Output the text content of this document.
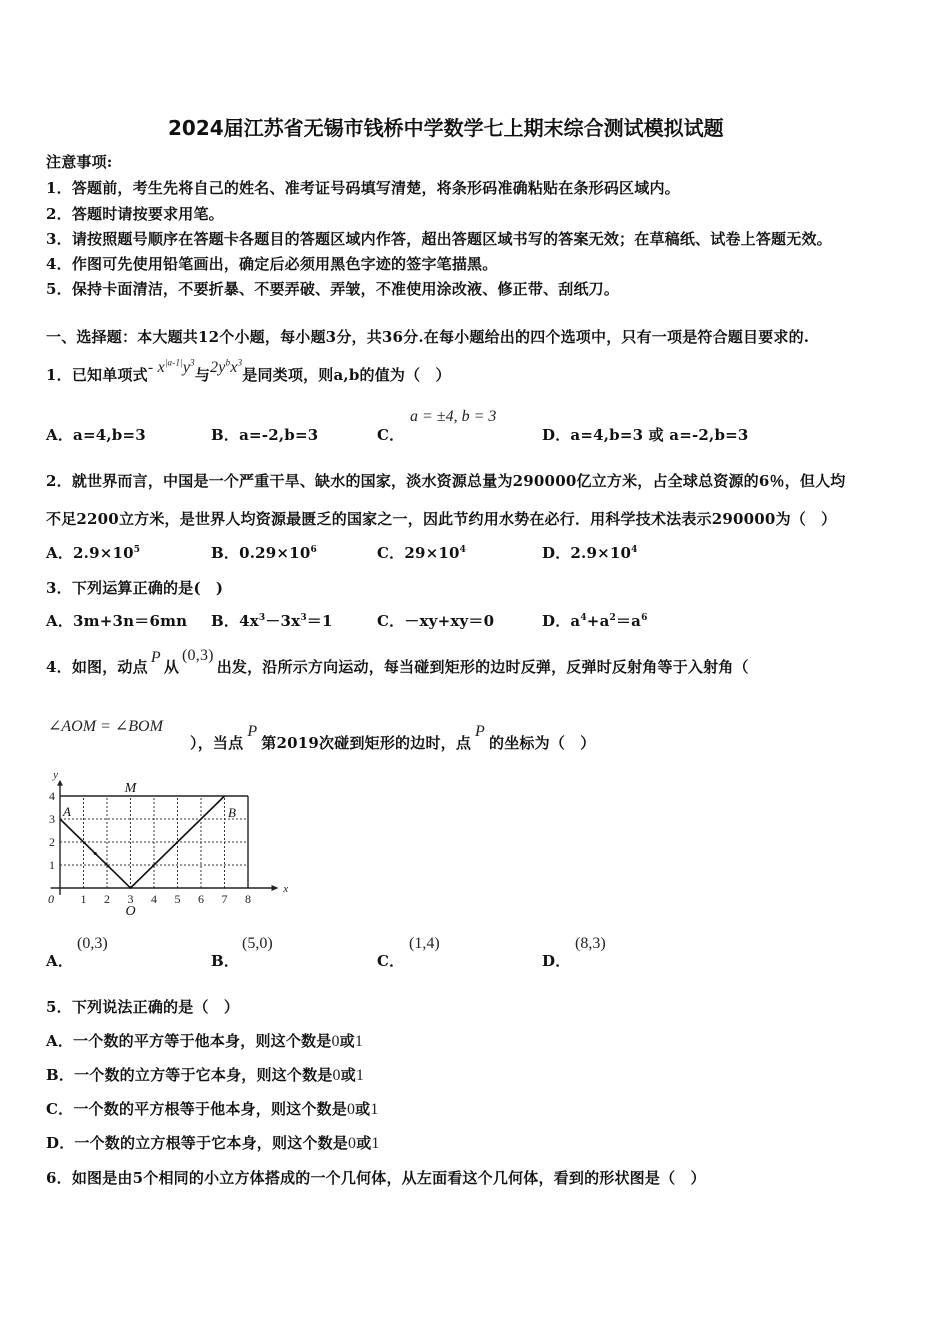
2024届江苏省无锡市钱桥中学数学七上期末综合测试模拟试题
注意事项:
1．答题前，考生先将自己的姓名、准考证号码填写清楚，将条形码准确粘贴在条形码区域内。
2．答题时请按要求用笔。
3．请按照题号顺序在答题卡各题目的答题区域内作答，超出答题区域书写的答案无效；在草稿纸、试卷上答题无效。
4．作图可先使用铅笔画出，确定后必须用黑色字迹的签字笔描黑。
5．保持卡面清洁，不要折暴、不要弄破、弄皱，不准使用涂改液、修正带、刮纸刀。
一、选择题：本大题共12个小题，每小题3分，共36分.在每小题给出的四个选项中，只有一项是符合题目要求的.
1．已知单项式- $x^{|a-1|}y^3$与$2y^bx^3$是同类项，则a,b的值为（　）
A．a=4,b=3	B．a=-2,b=3	C．
a = ±4, b = 3
D．a=4,b=3 或 a=-2,b=3
2．就世界而言，中国是一个严重干旱、缺水的国家，淡水资源总量为290000亿立方米，占全球总资源的6％，但人均
不足2200立方米，是世界人均资源最匮乏的国家之一，因此节约用水势在必行．用科学技术法表示290000为（　）
A．$2.9\times 10^5$	B．$0.29\times 10^6$	C．$29\times 10^4$	D．$2.9\times 10^4$
3．下列运算正确的是(　)
A．3m+3n＝6mn B．$4x^3-3x^3=1$	C．－xy+xy＝0	D．$a^4+a^2=a^6$
4．如图，动点P从(0,3)出发，沿所示方向运动，每当碰到矩形的边时反弹，反弹时反射角等于入射角（
∠AOM = ∠BOM
），当点P第2019次碰到矩形的边时，点P的坐标为（　）
1 2 3 4 5 6 7 8
1
2
3
4
0
x
y
A	B
M
O
A．
(0,3)
B．
(5,0)
C．
(1,4)
D．
(8,3)
5．下列说法正确的是（　）
A．一个数的平方等于他本身，则这个数是0或1
B．一个数的立方等于它本身，则这个数是0或1
C．一个数的平方根等于他本身，则这个数是0或1
D．一个数的立方根等于它本身，则这个数是0或1
6．如图是由5个相同的小立方体搭成的一个几何体，从左面看这个几何体，看到的形状图是（　）
